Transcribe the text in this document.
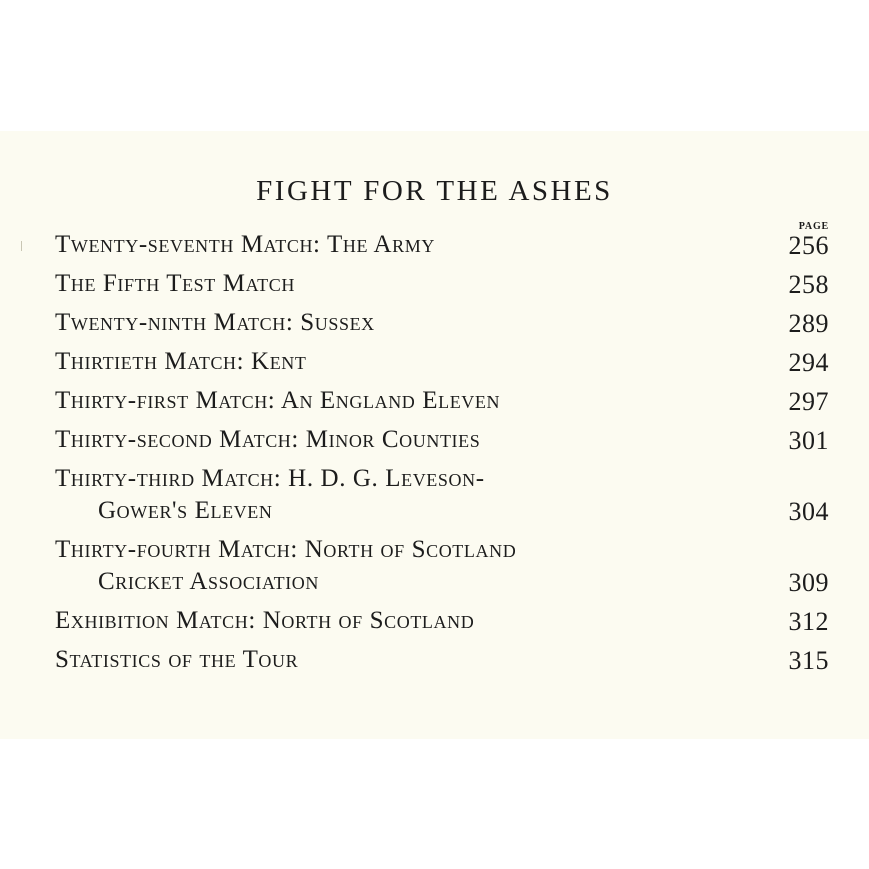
FIGHT FOR THE ASHES
PAGE
Twenty-seventh Match: The Army	256
The Fifth Test Match	258
Twenty-ninth Match: Sussex	289
Thirtieth Match: Kent	294
Thirty-first Match: An England Eleven	297
Thirty-second Match: Minor Counties	301
Thirty-third Match: H. D. G. Leveson-
Gower's Eleven	304
Thirty-fourth Match: North of Scotland
Cricket Association	309
Exhibition Match: North of Scotland	312
Statistics of the Tour	315
